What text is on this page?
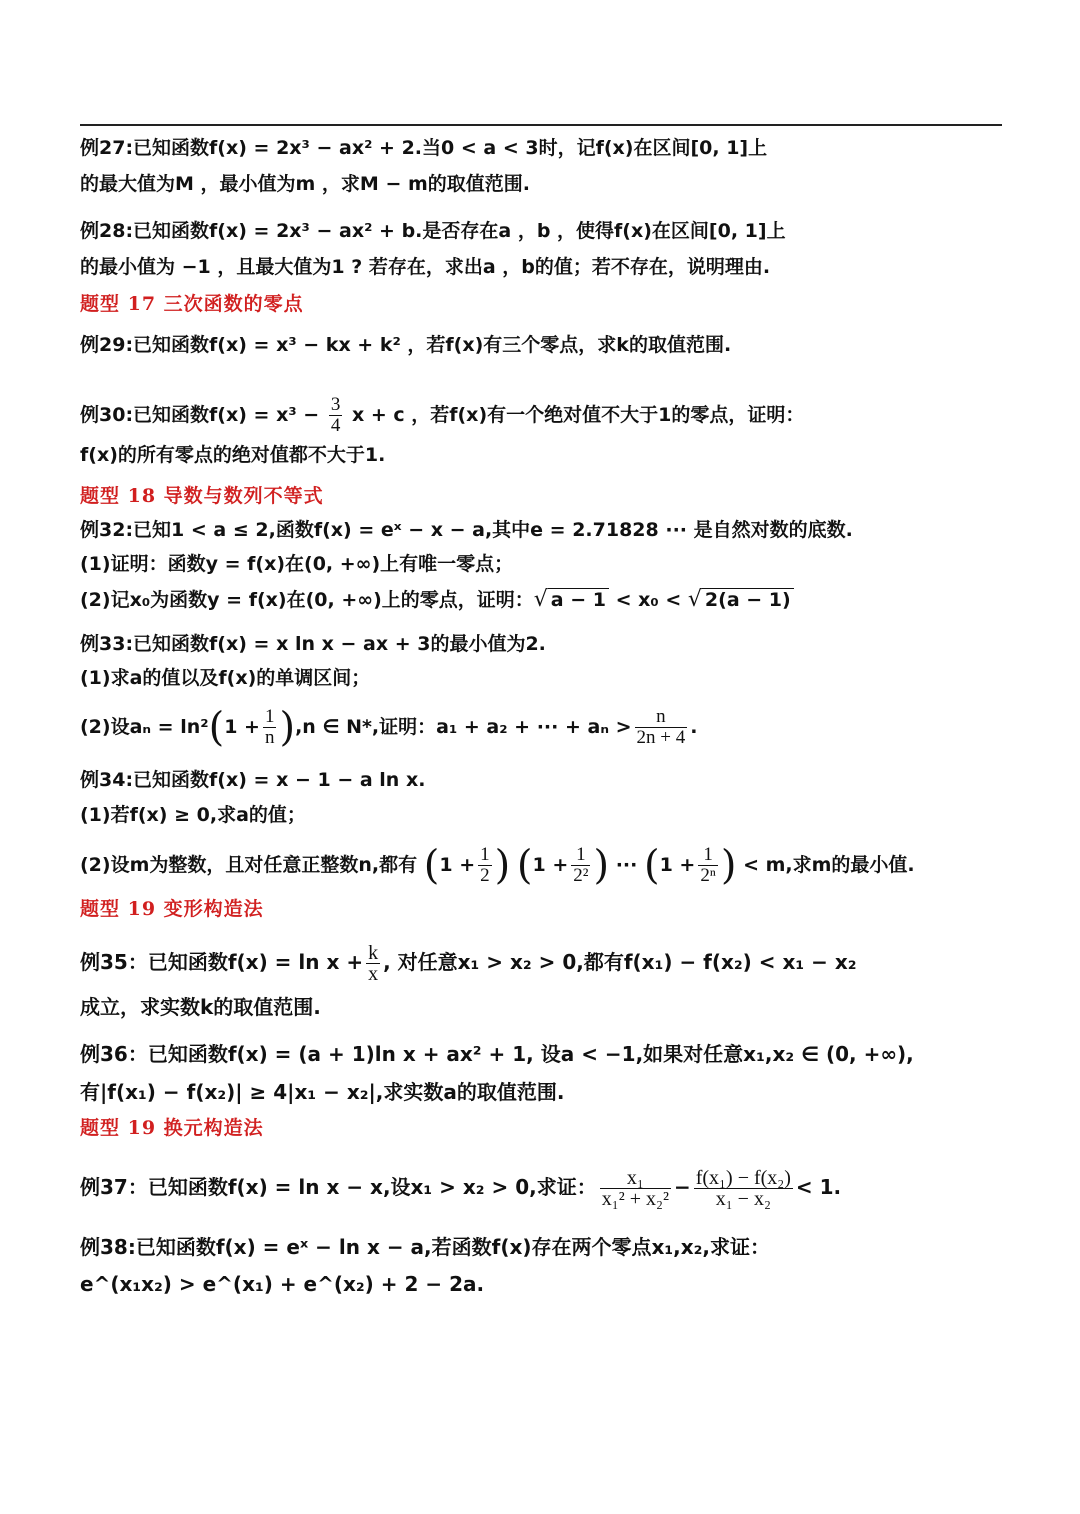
例27:已知函数f(x) = 2x³ − ax² + 2.当0 < a < 3时，记f(x)在区间[0, 1]上
的最大值为M ，最小值为m ，求M − m的取值范围.
例28:已知函数f(x) = 2x³ − ax² + b.是否存在a ，b ，使得f(x)在区间[0, 1]上
的最小值为 −1 ，且最大值为1 ? 若存在，求出a ，b的值；若不存在，说明理由.
题型 17 三次函数的零点
例29:已知函数f(x) = x³ − kx + k² ，若f(x)有三个零点，求k的取值范围.
例30:已知函数$f(x) = x^3 - \frac{3}{4}$ x + c ，若f(x)有一个绝对值不大于1的零点，证明：
f(x)的所有零点的绝对值都不大于1.
题型 18 导数与数列不等式
例32:已知1 < a ≤ 2,函数f(x) = eˣ − x − a,其中e = 2.71828 ··· 是自然对数的底数.
(1)证明：函数y = f(x)在(0, +∞)上有唯一零点；
(2)记x₀为函数y = f(x)在(0, +∞)上的零点，证明：√ a − 1 < x₀ < √ 2(a − 1)
例33:已知函数f(x) = x ln x − ax + 3的最小值为2.
(1)求a的值以及f(x)的单调区间；
(2)设$a_n = \ln^2(1 + \frac{1}{n} ),n$ ∈ N*,证明：a₁ + a₂ + ··· + $a_n > \frac{n}{2n + 4}$ .
例34:已知函数f(x) = x − 1 − a ln x.
(1)若f(x) ≥ 0,求a的值；
(2)设m为整数，且对任意正整数n,都有 ($1 + \frac{1}{2}$ ) ($1 + \frac{1}{\text{2²}}$ ) ··· ($1 + \frac{1}{\text{2ⁿ}}$ ) < m,求m的最小值.
题型 19 变形构造法
例35：已知函数$f(x) = \ln x + \frac{k}{x}$ , 对任意x₁ > x₂ > 0,都有f(x₁) − f(x₂) < x₁ − x₂
成立，求实数k的取值范围.
例36：已知函数f(x) = (a + 1)ln x + ax² + 1, 设a < −1,如果对任意x₁,x₂ ∈ (0, +∞),
有|f(x₁) − f(x₂)| ≥ 4|x₁ − x₂|,求实数a的取值范围.
题型 19 换元构造法
例37：已知函数f(x) = ln x − x,设x₁ > x₂ > 0,求证： $\frac{\text{x₁}}{\text{x₁² + x₂²}} - \frac{\text{f(x₁) − f(x₂)}}{\text{x₁ − x₂}} < 1$.
例38:已知函数f(x) = eˣ − ln x − a,若函数f(x)存在两个零点x₁,x₂,求证：
e^(x₁x₂) > e^(x₁) + e^(x₂) + 2 − 2a.
